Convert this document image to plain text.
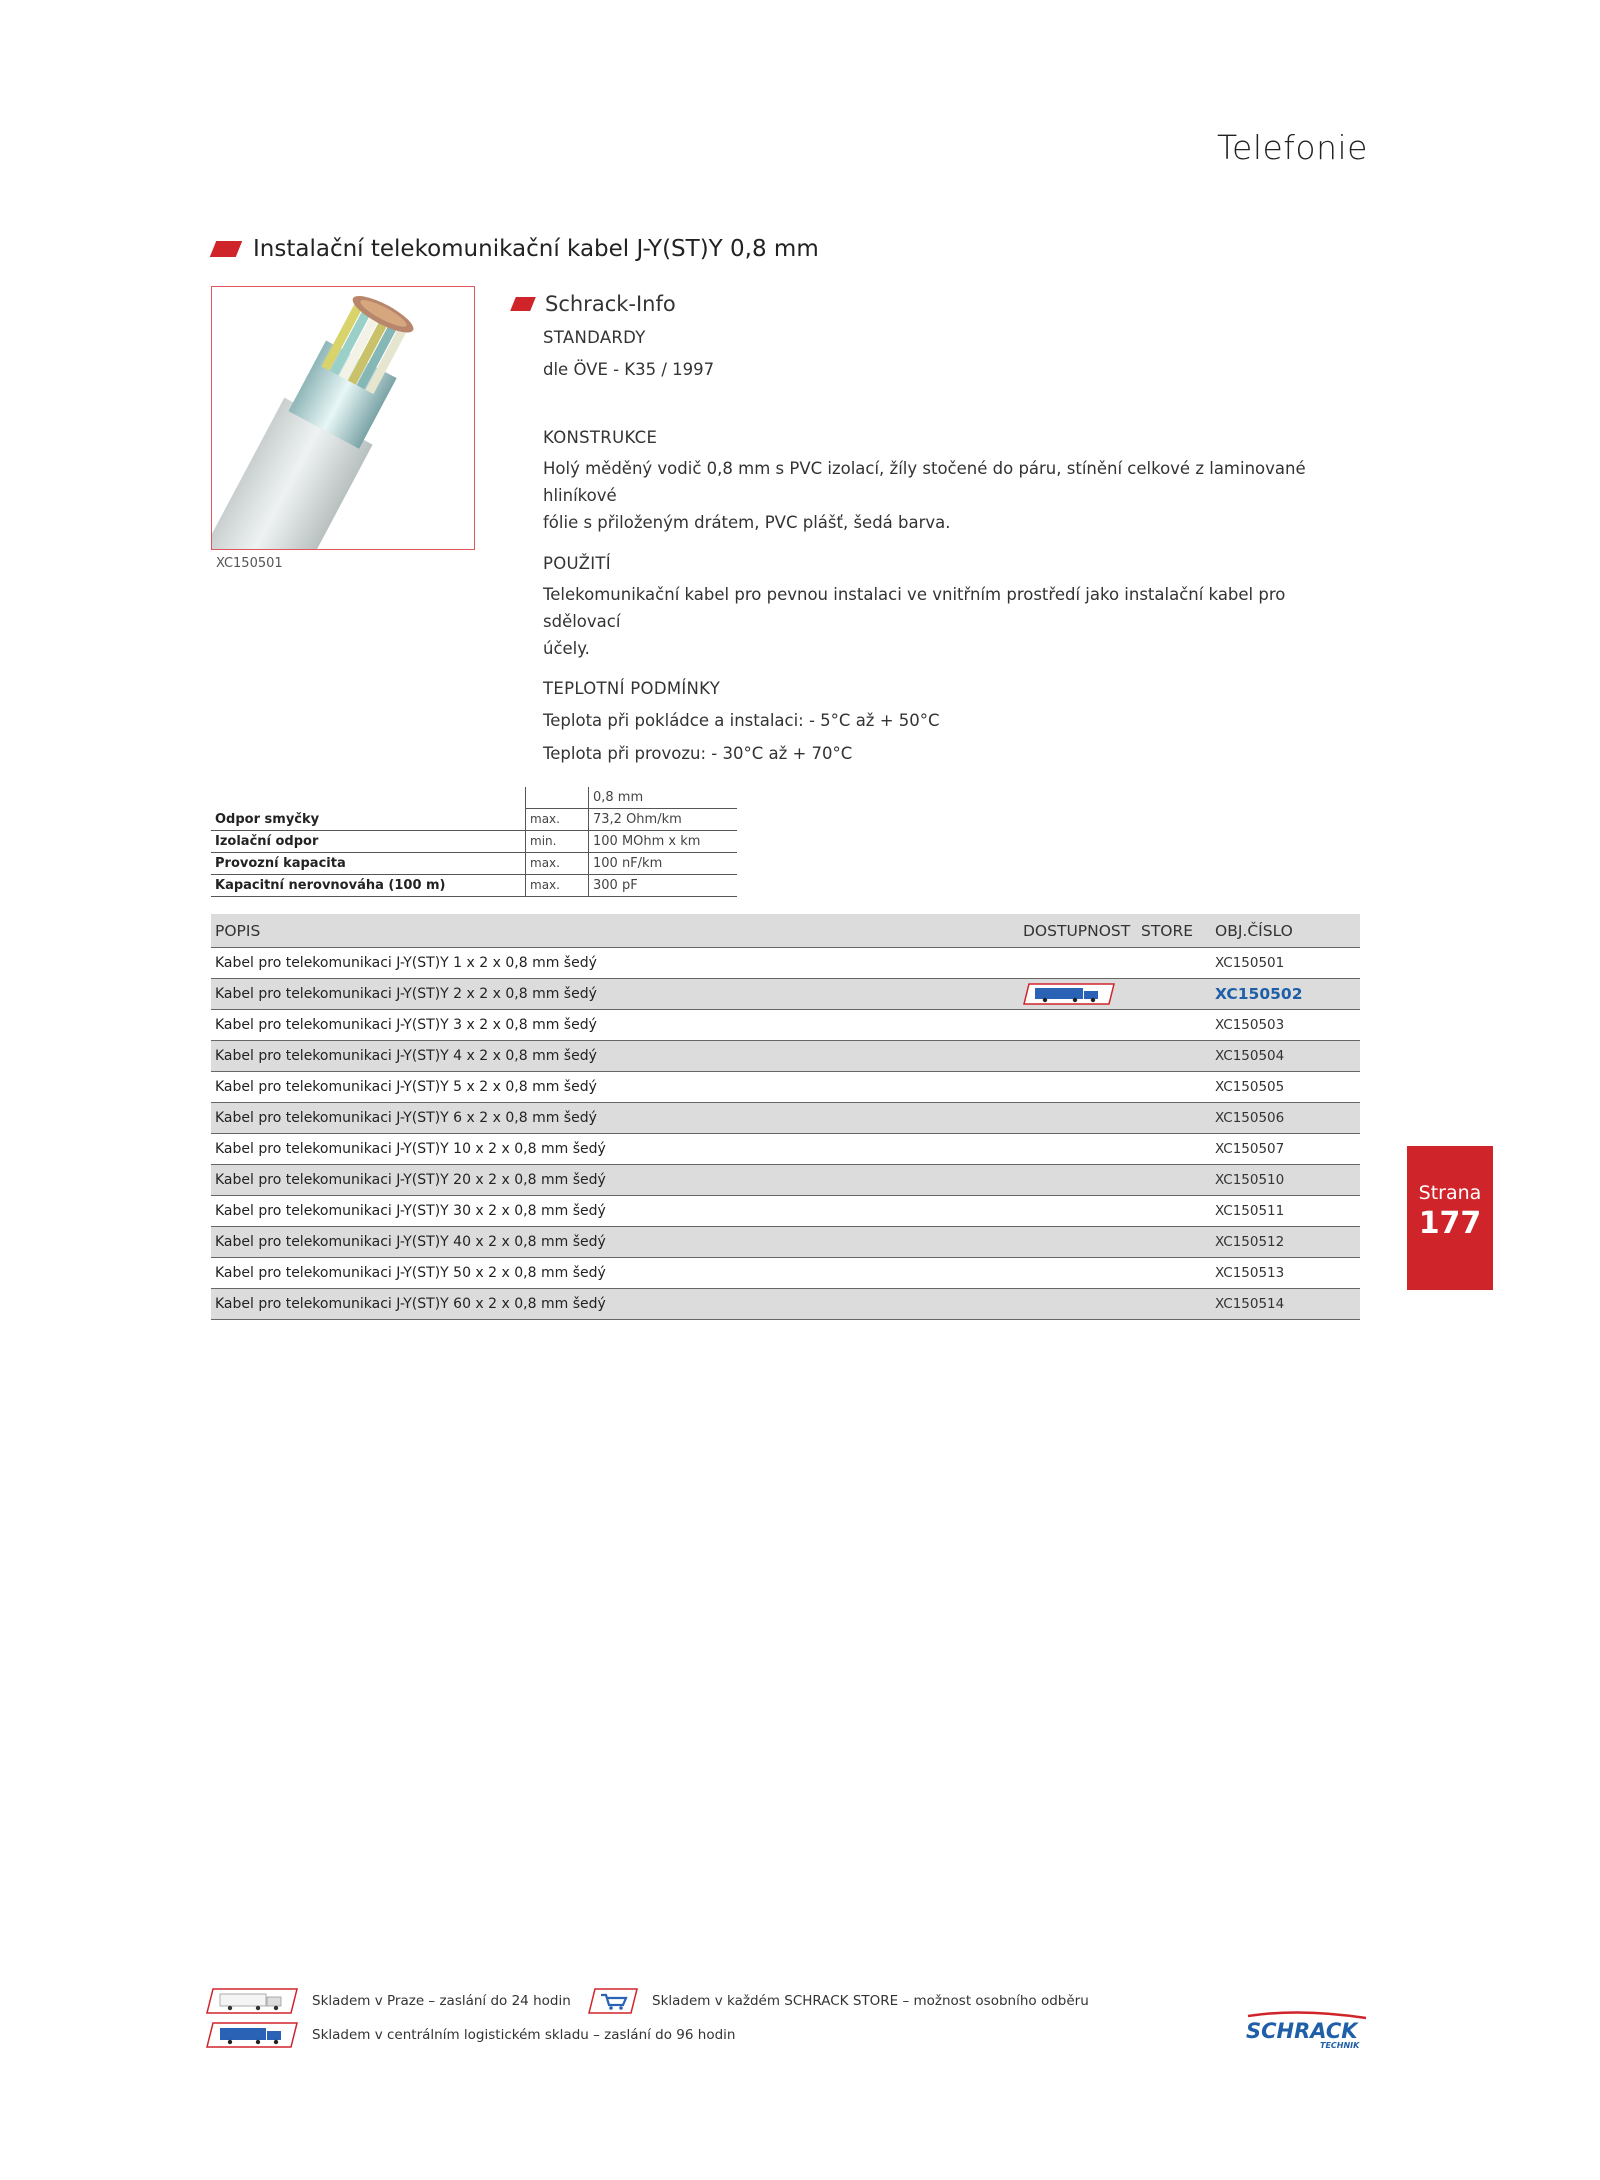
Telefonie
Instalační telekomunikační kabel J-Y(ST)Y 0,8 mm
XC150501
Schrack-Info
STANDARDY
dle ÖVE - K35 / 1997
KONSTRUKCE
Holý měděný vodič 0,8 mm s PVC izolací, žíly stočené do páru, stínění celkové z laminované hliníkové
fólie s přiloženým drátem, PVC plášť, šedá barva.
POUŽITÍ
Telekomunikační kabel pro pevnou instalaci ve vnitřním prostředí jako instalační kabel pro sdělovací
účely.
TEPLOTNÍ PODMÍNKY
Teplota při pokládce a instalaci: - 5°C až + 50°C
Teplota při provozu: - 30°C až + 70°C
		0,8 mm
Odpor smyčky	max.	73,2 Ohm/km
Izolační odpor	min.	100 MOhm x km
Provozní kapacita	max.	100 nF/km
Kapacitní nerovnováha (100 m)	max.	300 pF
POPIS	DOSTUPNOST	STORE	OBJ.ČÍSLO
Kabel pro telekomunikaci J-Y(ST)Y 1 x 2 x 0,8 mm šedý			XC150501
Kabel pro telekomunikaci J-Y(ST)Y 2 x 2 x 0,8 mm šedý			XC150502
Kabel pro telekomunikaci J-Y(ST)Y 3 x 2 x 0,8 mm šedý			XC150503
Kabel pro telekomunikaci J-Y(ST)Y 4 x 2 x 0,8 mm šedý			XC150504
Kabel pro telekomunikaci J-Y(ST)Y 5 x 2 x 0,8 mm šedý			XC150505
Kabel pro telekomunikaci J-Y(ST)Y 6 x 2 x 0,8 mm šedý			XC150506
Kabel pro telekomunikaci J-Y(ST)Y 10 x 2 x 0,8 mm šedý			XC150507
Kabel pro telekomunikaci J-Y(ST)Y 20 x 2 x 0,8 mm šedý			XC150510
Kabel pro telekomunikaci J-Y(ST)Y 30 x 2 x 0,8 mm šedý			XC150511
Kabel pro telekomunikaci J-Y(ST)Y 40 x 2 x 0,8 mm šedý			XC150512
Kabel pro telekomunikaci J-Y(ST)Y 50 x 2 x 0,8 mm šedý			XC150513
Kabel pro telekomunikaci J-Y(ST)Y 60 x 2 x 0,8 mm šedý			XC150514
Strana
177
Skladem v Praze – zaslání do 24 hodin	Skladem v každém SCHRACK STORE – možnost osobního odběru
Skladem v centrálním logistickém skladu – zaslání do 96 hodin	SCHRACK
TECHNIK
